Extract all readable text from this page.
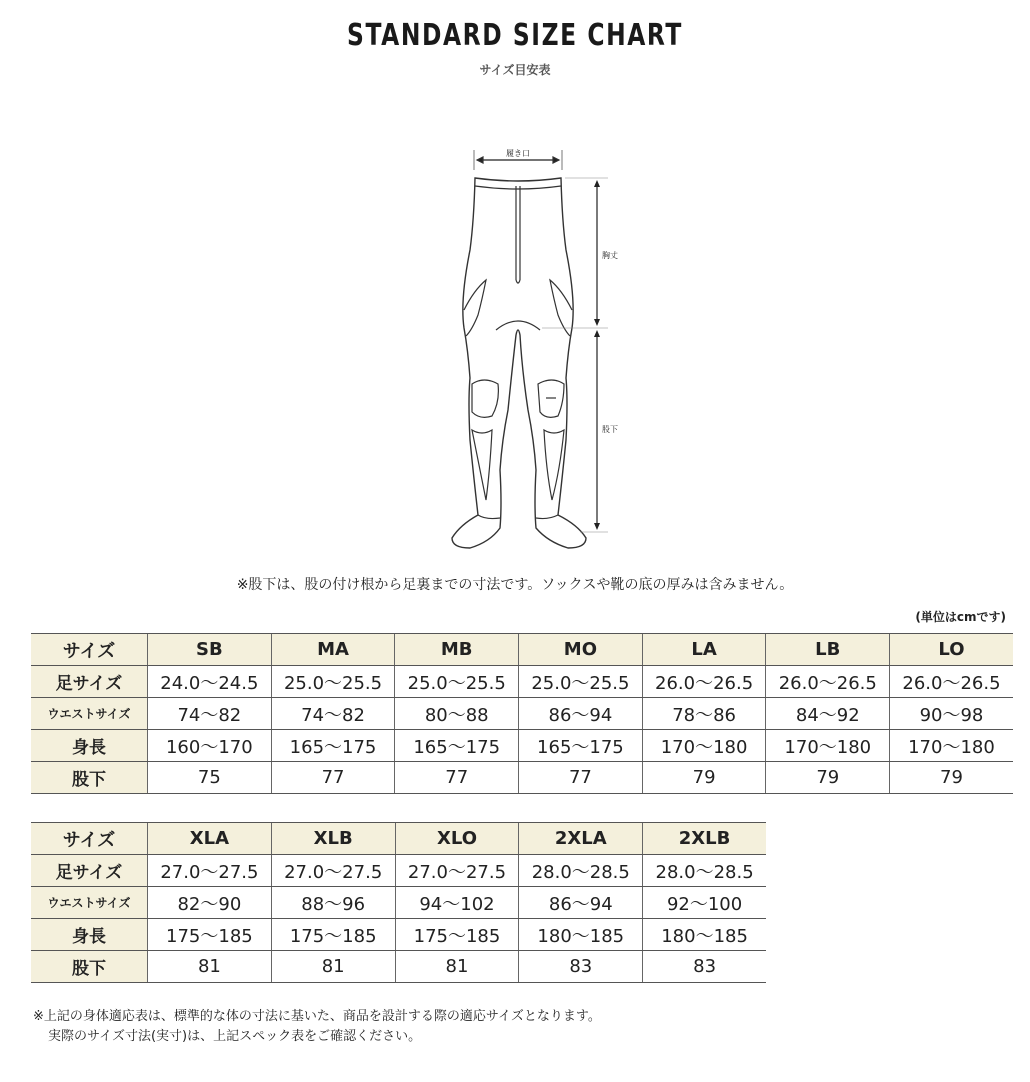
STANDARD SIZE CHART
サイズ目安表
履き口
胸丈
股下
※股下は、股の付け根から足裏までの寸法です。ソックスや靴の底の厚みは含みません。
(単位はcmです)
サイズ	SB	MA	MB	MO	LA	LB	LO
足サイズ	24.0～24.5	25.0～25.5	25.0～25.5	25.0～25.5	26.0～26.5	26.0～26.5	26.0～26.5
ウエストサイズ	74～82	74～82	80～88	86～94	78～86	84～92	90～98
身長	160～170	165～175	165～175	165～175	170～180	170～180	170～180
股下	75	77	77	77	79	79	79
サイズ	XLA	XLB	XLO	2XLA	2XLB
足サイズ	27.0～27.5	27.0～27.5	27.0～27.5	28.0～28.5	28.0～28.5
ウエストサイズ	82～90	88～96	94～102	86～94	92～100
身長	175～185	175～185	175～185	180～185	180～185
股下	81	81	81	83	83
※上記の身体適応表は、標準的な体の寸法に基いた、商品を設計する際の適応サイズとなります。
実際のサイズ寸法(実寸)は、上記スペック表をご確認ください。
